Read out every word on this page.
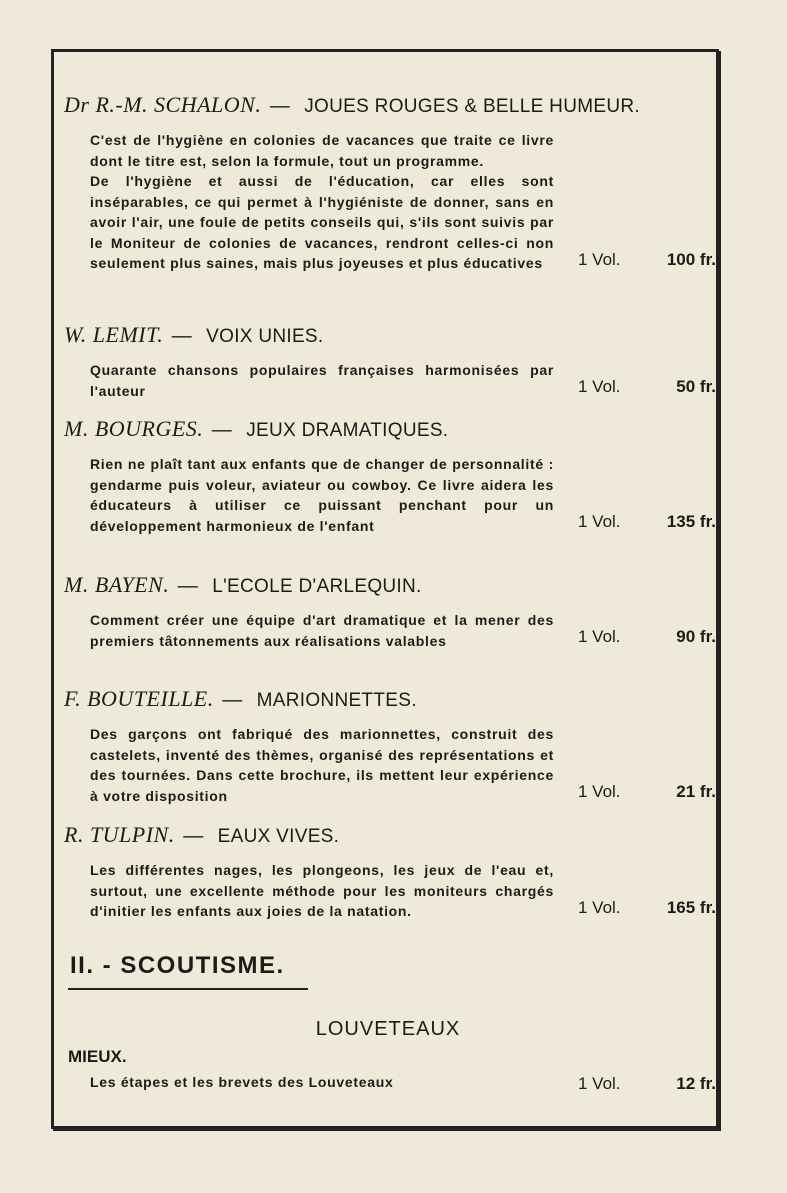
Dr R.-M. SCHALON. — JOUES ROUGES & BELLE HUMEUR.

C'est de l'hygiène en colonies de vacances que traite ce livre dont le titre est, selon la formule, tout un programme.

De l'hygiène et aussi de l'éducation, car elles sont inséparables, ce qui permet à l'hygiéniste de donner, sans en avoir l'air, une foule de petits conseils qui, s'ils sont suivis par le Moniteur de colonies de vacances, rendront celles-ci non seulement plus saines, mais plus joyeuses et plus éducatives	1 Vol.	100 fr.
W. LEMIT. — VOIX UNIES.

Quarante chansons populaires françaises harmonisées par l'auteur	1 Vol.	50 fr.
M. BOURGES. — JEUX DRAMATIQUES.

Rien ne plaît tant aux enfants que de changer de personnalité : gendarme puis voleur, aviateur ou cowboy. Ce livre aidera les éducateurs à utiliser ce puissant penchant pour un développement harmonieux de l'enfant	1 Vol.	135 fr.
M. BAYEN. — L'ECOLE D'ARLEQUIN.

Comment créer une équipe d'art dramatique et la mener des premiers tâtonnements aux réalisations valables	1 Vol.	90 fr.
F. BOUTEILLE. — MARIONNETTES.

Des garçons ont fabriqué des marionnettes, construit des castelets, inventé des thèmes, organisé des représentations et des tournées. Dans cette brochure, ils mettent leur expérience à votre disposition	1 Vol.	21 fr.
R. TULPIN. — EAUX VIVES.

Les différentes nages, les plongeons, les jeux de l'eau et, surtout, une excellente méthode pour les moniteurs chargés d'initier les enfants aux joies de la natation.	1 Vol.	165 fr.
II. - SCOUTISME.
LOUVETEAUX
MIEUX.

Les étapes et les brevets des Louveteaux	1 Vol.	12 fr.
